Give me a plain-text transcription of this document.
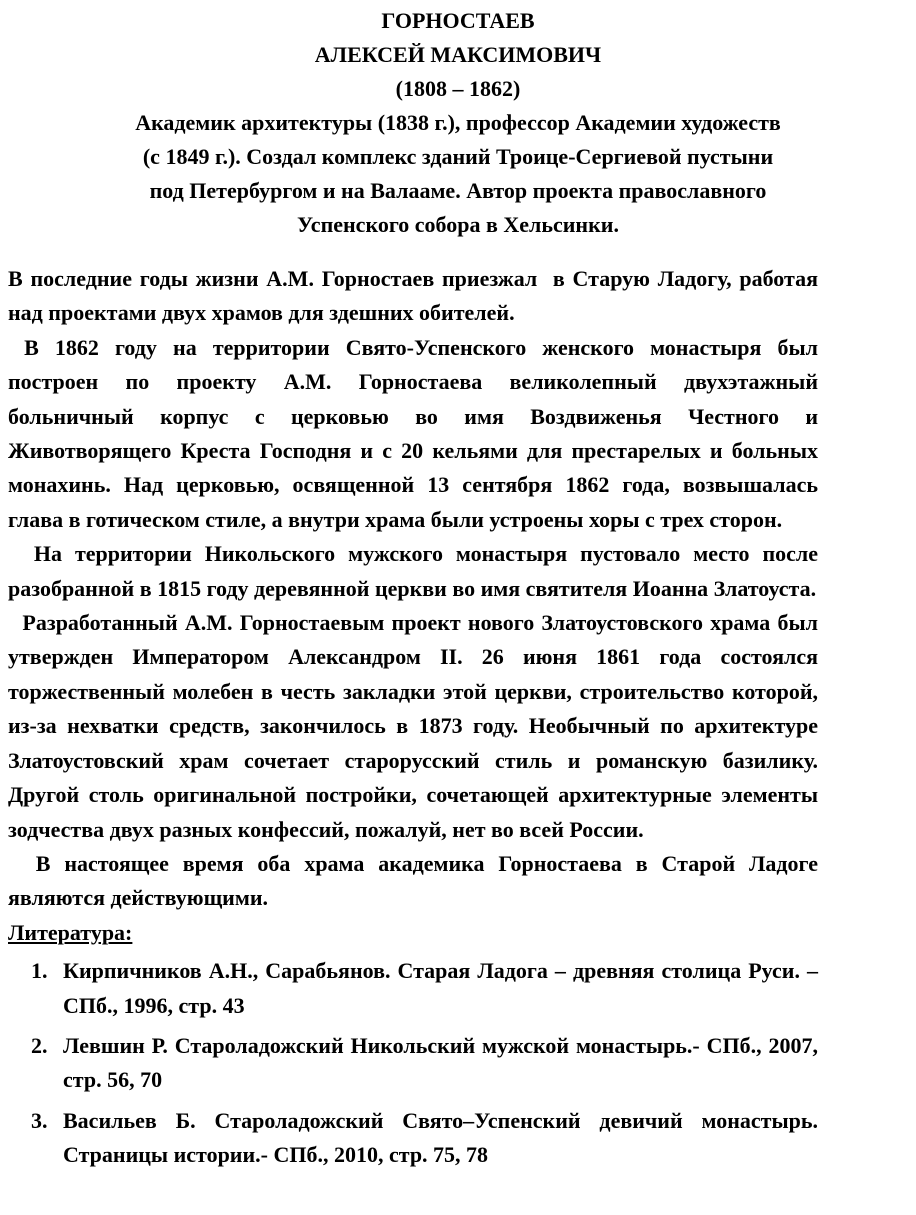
ГОРНОСТАЕВ
АЛЕКСЕЙ МАКСИМОВИЧ
(1808 – 1862)
Академик архитектуры (1838 г.), профессор Академии художеств (с 1849 г.). Создал комплекс зданий Троице-Сергиевой пустыни под Петербургом и на Валааме. Автор проекта православного Успенского собора в Хельсинки.

В последние годы жизни А.М. Горностаев приезжал  в Старую Ладогу, работая над проектами двух храмов для здешних обителей.

В 1862 году на территории Свято-Успенского женского монастыря был построен по проекту А.М. Горностаева великолепный двухэтажный больничный корпус с церковью во имя Воздвиженья Честного и Животворящего Креста Господня и с 20 кельями для престарелых и больных монахинь. Над церковью, освященной 13 сентября 1862 года, возвышалась глава в готическом стиле, а внутри храма были устроены хоры с трех сторон.

На территории Никольского мужского монастыря пустовало место после разобранной в 1815 году деревянной церкви во имя святителя Иоанна Златоуста.

Разработанный А.М. Горностаевым проект нового Златоустовского храма был утвержден Императором Александром II. 26 июня 1861 года состоялся  торжественный молебен в честь закладки этой церкви, строительство которой, из-за нехватки средств, закончилось в 1873 году. Необычный по архитектуре Златоустовский храм сочетает старорусский стиль и романскую базилику. Другой столь оригинальной постройки, сочетающей архитектурные элементы зодчества двух разных конфессий, пожалуй, нет во всей России.

В настоящее время оба храма академика Горностаева в Старой Ладоге являются действующими.

Литература:

1. Кирпичников А.Н., Сарабьянов. Старая Ладога – древняя столица Руси. – СПб., 1996, стр. 43
2. Левшин Р. Староладожский Никольский мужской монастырь.- СПб., 2007, стр. 56, 70
3. Васильев Б. Староладожский Свято–Успенский девичий монастырь. Страницы истории.- СПб., 2010, стр. 75, 78
